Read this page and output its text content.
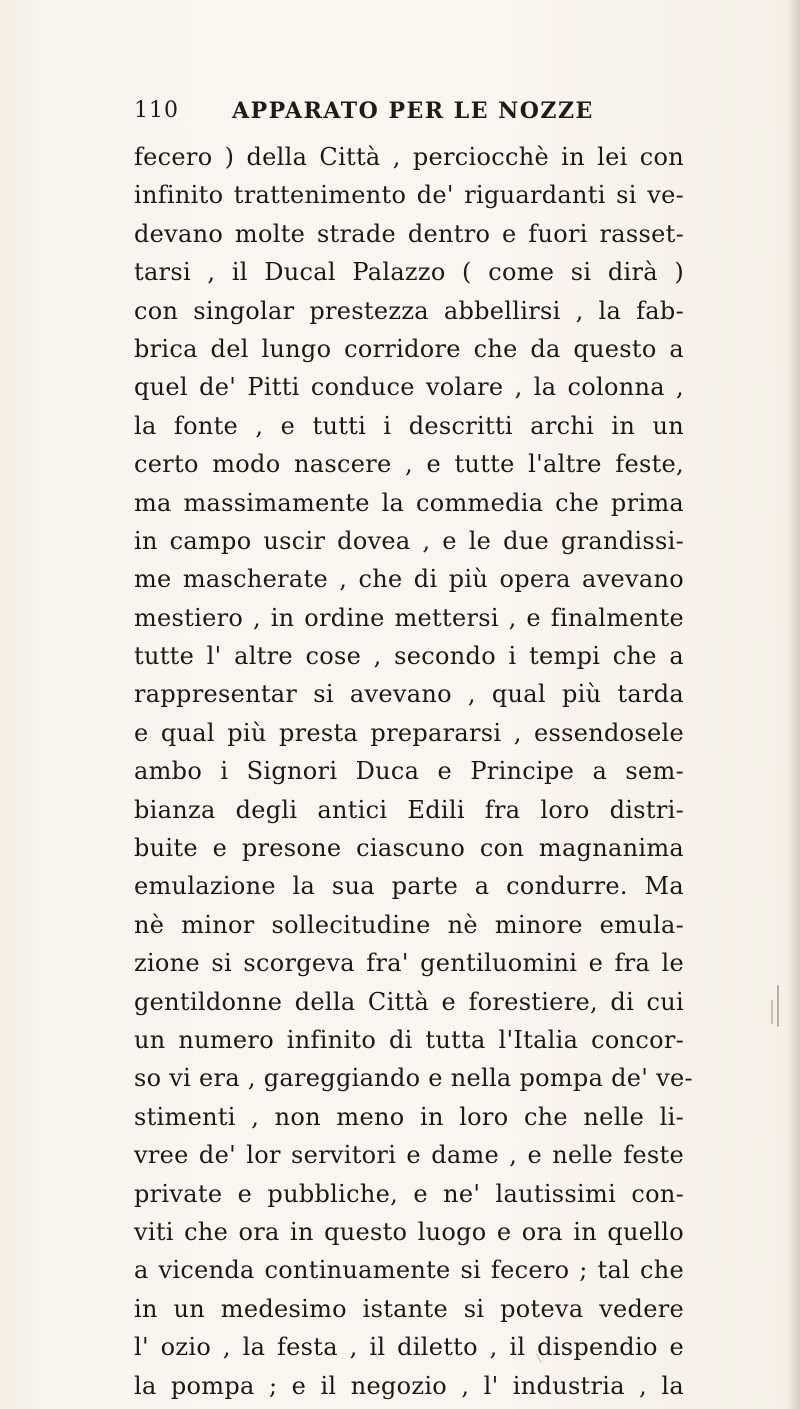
110 APPARATO PER LE NOZZE
fecero ) della Città , perciocchè in lei con
infinito trattenimento de' riguardanti si ve-
devano molte strade dentro e fuori rasset-
tarsi , il Ducal Palazzo ( come si dirà )
con singolar prestezza abbellirsi , la fab-
brica del lungo corridore che da questo a
quel de' Pitti conduce volare , la colonna ,
la fonte , e tutti i descritti archi in un
certo modo nascere , e tutte l'altre feste,
ma massimamente la commedia che prima
in campo uscir dovea , e le due grandissi-
me mascherate , che di più opera avevano
mestiero , in ordine mettersi , e finalmente
tutte l' altre cose , secondo i tempi che a
rappresentar si avevano , qual più tarda
e qual più presta prepararsi , essendosele
ambo i Signori Duca e Principe a sem-
bianza degli antici Edili fra loro distri-
buite e presone ciascuno con magnanima
emulazione la sua parte a condurre. Ma
nè minor sollecitudine nè minore emula-
zione si scorgeva fra' gentiluomini e fra le
gentildonne della Città e forestiere, di cui
un numero infinito di tutta l'Italia concor-
so vi era , gareggiando e nella pompa de' ve-
stimenti , non meno in loro che nelle li-
vree de' lor servitori e dame , e nelle feste
private e pubbliche, e ne' lautissimi con-
viti che ora in questo luogo e ora in quello
a vicenda continuamente si fecero ; tal che
in un medesimo istante si poteva vedere
l' ozio , la festa , il diletto , il dispendio e
la pompa ; e il negozio , l' industria , la
